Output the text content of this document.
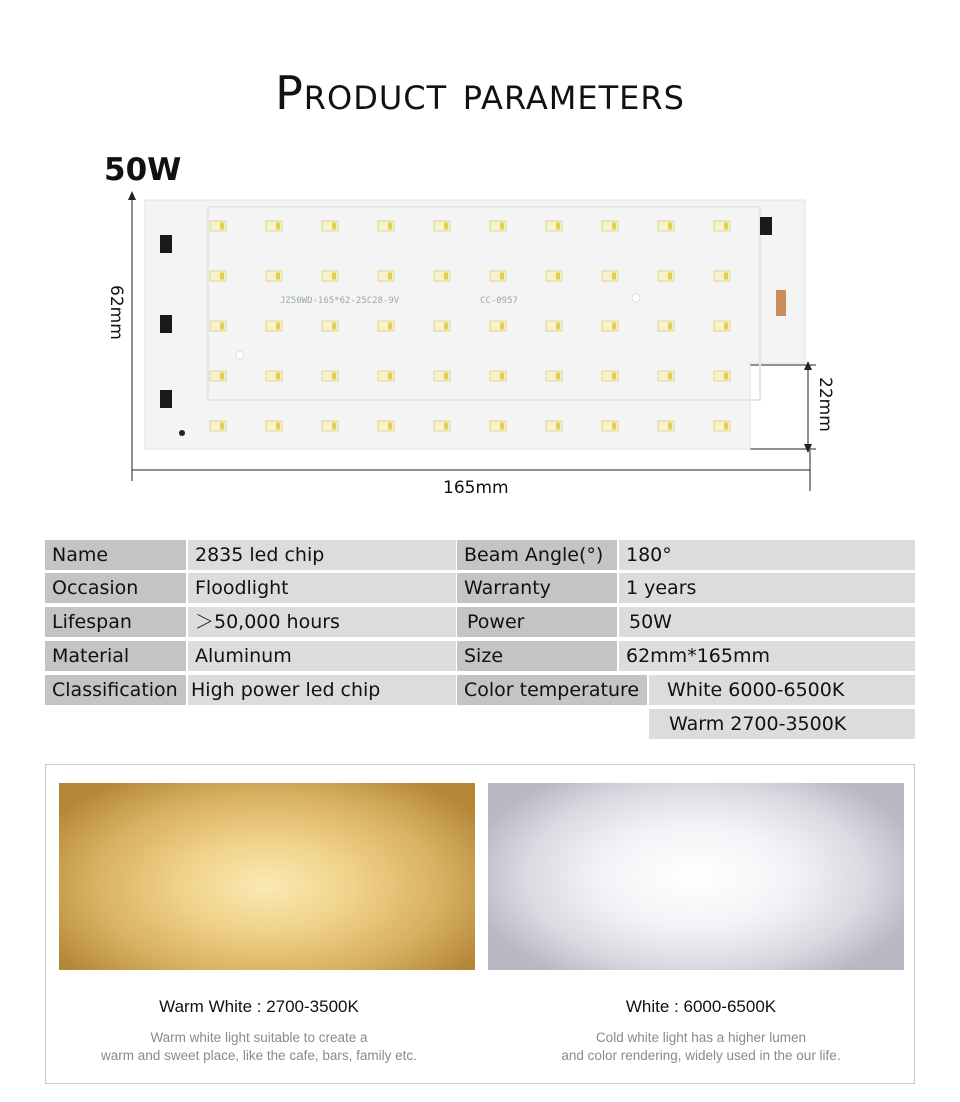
Product parameters
50W
JZ50WD-165*62-25C28-9V	CC-0957
62mm
165mm
22mm
Name	2835 led chip	Beam Angle(°)	180°
Occasion	Floodlight	Warranty	1 years
Lifespan	＞50,000 hours	Power	50W
Material	Aluminum	Size	62mm*165mm
Classification High power led chip	Color temperature	White 6000-6500K
Warm 2700-3500K
Warm White : 2700-3500K	White : 6000-6500K
Warm white light suitable to create a
warm and sweet place, like the cafe, bars, family etc.
Cold white light has a higher lumen
and color rendering, widely used in the our life.
